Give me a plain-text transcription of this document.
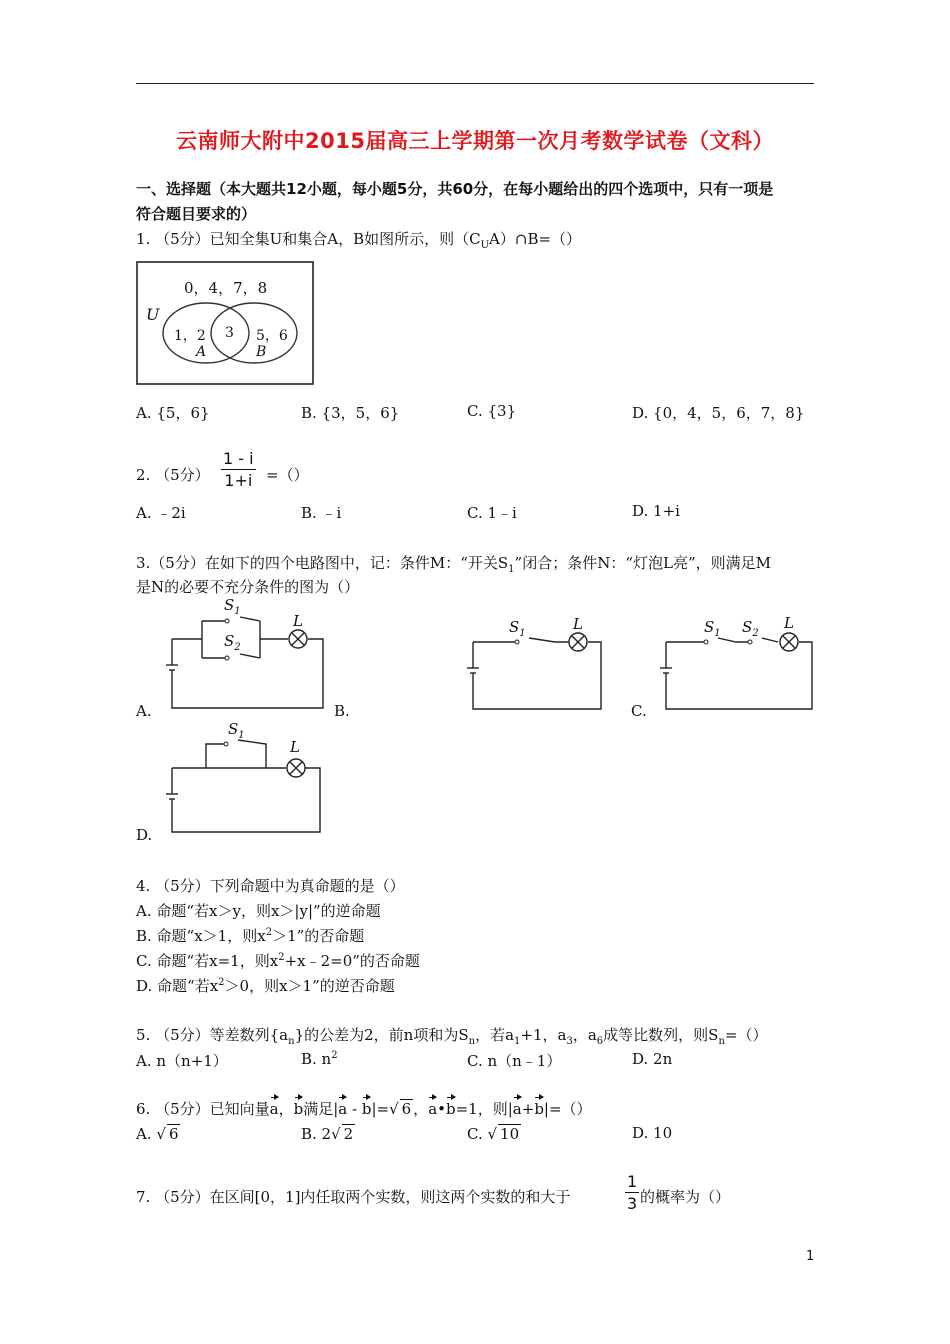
云南师大附中2015届高三上学期第一次月考数学试卷（文科）
一、选择题（本大题共12小题，每小题5分，共60分，在每小题给出的四个选项中，只有一项是
符合题目要求的）
1. （5分）已知全集U和集合A，B如图所示，则$(C_UA)\cap B=()$
0，4，7，8
U
1，2 3 5，6
A	B
A. {5，6}	B. {3，5，6}	C. {3}	D. {0，4，5，6，7，8}
2. （5分） $\frac{1 - i}{1+i}$ =（）
A. ﹣2i	B. ﹣i	C. 1﹣i	D. 1+i
3.（5分）在如下的四个电路图中，记：条件M：“开关$S_1$”闭合；条件N：“灯泡L亮”，则满足M
是N的必要不充分条件的图为（）
$S_1$
$S_2$
L
A.	B.
$S_1$
L
C.
$S_1$ $S_2$
L
$S_1$
L
D.
4. （5分）下列命题中为真命题的是（）
A. 命题“若x＞y，则x＞|y|”的逆命题
B. 命题“x＞1，则$x^2>1$”的否命题
C. 命题“若x=1，则$x^2+x﹣2=0$”的否命题
D. 命题“若$x^2>0$，则x＞1”的逆否命题
5. （5分）等差数列$\{a_n\}$的公差为2，前n项和为$S_n$，若$a_1+1$，$a_3$，$a_6$成等比数列，则$S_n=()$
A. n（n+1）	B. $n^2$	C. n（n﹣1）	D. 2n
6. （5分）已知向量a，b满足|a - b|=√ 6 ，a•b=1，则|a+b|=（）
A. √ 6	B. 2√ 2	C. √ 10	D. 10
7. （5分）在区间[0，1]内任取两个实数，则这两个实数的和大于	$\frac{1}{3}$ 的概率为（）
1
